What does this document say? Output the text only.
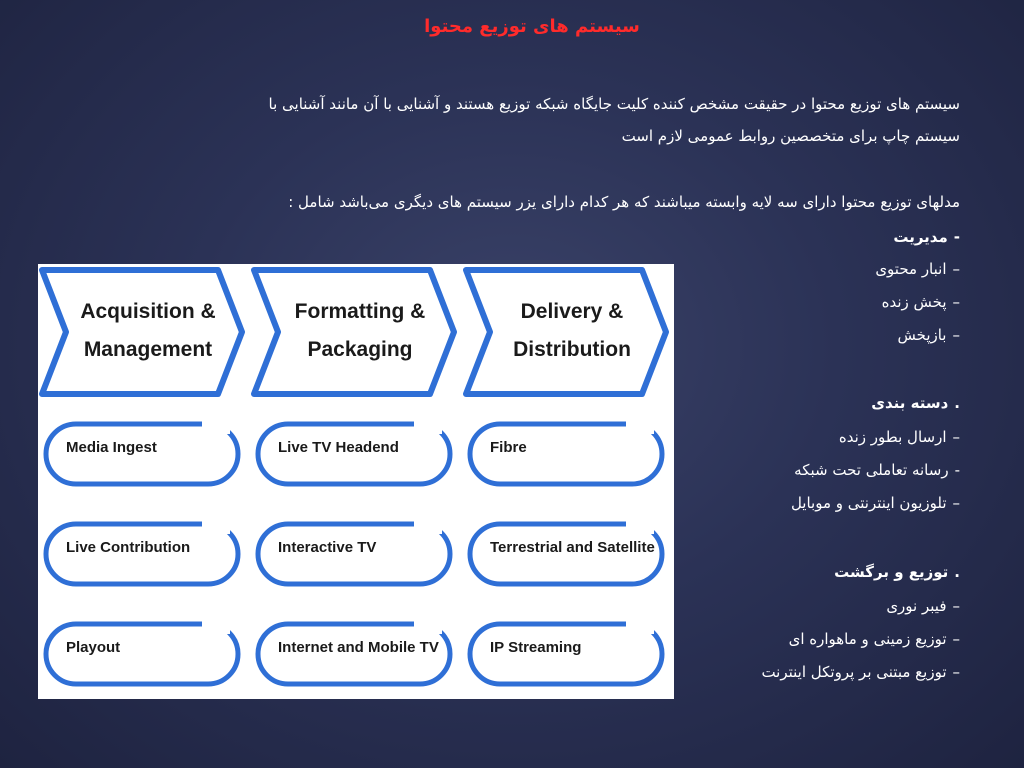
سیستم های توزیع محتوا
سیستم های توزیع محتوا در حقیقت مشخص کننده کلیت جایگاه شبکه توزیع هستند و آشنایی با آن مانند آشنایی با
سیستم چاپ برای متخصصین روابط عمومی لازم است
مدلهای توزیع محتوا دارای سه لایه وابسته میباشند که هر کدام دارای یزر سیستم های دیگری می‌باشد شامل :
-مدیریت
–انبار محتوی
–پخش زنده
–بازپخش
.دسته بندی
–ارسال بطور زنده
-رسانه تعاملی تحت شبکه
–تلوزیون اینترنتی و موبایل
.توزیع و برگشت
–فیبر نوری
–توزیع زمینی و ماهواره ای
–توزیع مبتنی بر پروتکل اینترنت
Acquisition &
Management
Media Ingest
Live Contribution
Playout
Formatting &
Packaging
Live TV Headend
Interactive TV
Internet and Mobile TV
Delivery &
Distribution
Fibre
Terrestrial and Satellite
IP Streaming
